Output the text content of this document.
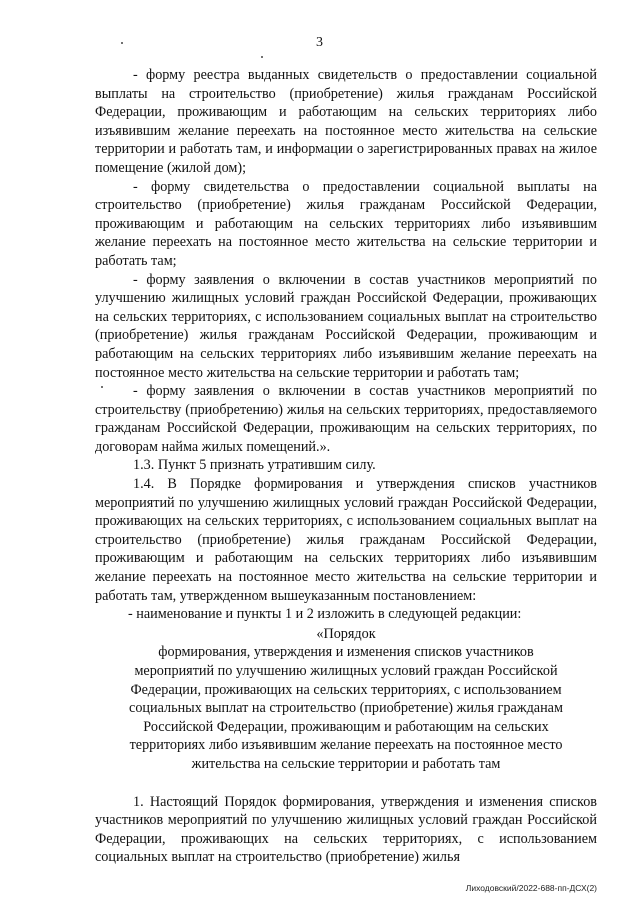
3

- форму реестра выданных свидетельств о предоставлении социальной выплаты на строительство (приобретение) жилья гражданам Российской Федерации, проживающим и работающим на сельских территориях либо изъявившим желание переехать на постоянное место жительства на сельские территории и работать там, и информации о зарегистрированных правах на жилое помещение (жилой дом);

- форму свидетельства о предоставлении социальной выплаты на строительство (приобретение) жилья гражданам Российской Федерации, проживающим и работающим на сельских территориях либо изъявившим желание переехать на постоянное место жительства на сельские территории и работать там;

- форму заявления о включении в состав участников мероприятий по улучшению жилищных условий граждан Российской Федерации, проживающих на сельских территориях, с использованием социальных выплат на строительство (приобретение) жилья гражданам Российской Федерации, проживающим и работающим на сельских территориях либо изъявившим желание переехать на постоянное место жительства на сельские территории и работать там;

- форму заявления о включении в состав участников мероприятий по строительству (приобретению) жилья на сельских территориях, предоставляемого гражданам Российской Федерации, проживающим на сельских территориях, по договорам найма жилых помещений.».

1.3. Пункт 5 признать утратившим силу.

1.4. В Порядке формирования и утверждения списков участников мероприятий по улучшению жилищных условий граждан Российской Федерации, проживающих на сельских территориях, с использованием социальных выплат на строительство (приобретение) жилья гражданам Российской Федерации, проживающим и работающим на сельских территориях либо изъявившим желание переехать на постоянное место жительства на сельские территории и работать там, утвержденном вышеуказанным постановлением:

- наименование и пункты 1 и 2 изложить в следующей редакции:

«Порядок

формирования, утверждения и изменения списков участников

мероприятий по улучшению жилищных условий граждан Российской

Федерации, проживающих на сельских территориях, с использованием

социальных выплат на строительство (приобретение) жилья гражданам

Российской Федерации, проживающим и работающим на сельских

территориях либо изъявившим желание переехать на постоянное место

жительства на сельские территории и работать там

1. Настоящий Порядок формирования, утверждения и изменения списков участников мероприятий по улучшению жилищных условий граждан Российской Федерации, проживающих на сельских территориях, с использованием социальных выплат на строительство (приобретение) жилья

Лиходовский/2022-688-пп-ДСХ(2)
